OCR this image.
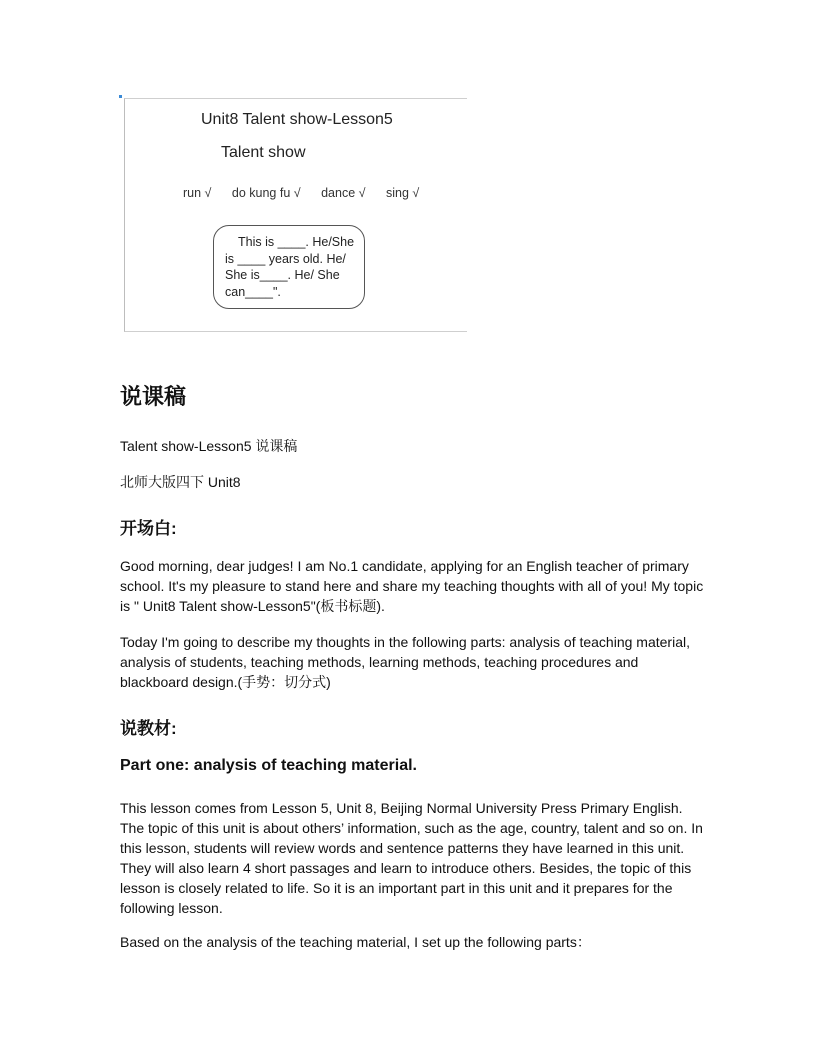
Unit8 Talent show-Lesson5
Talent show
run √ do kung fu √ dance √ sing √
This is ____. He/She
is ____ years old. He/
She is____. He/ She
can____".
说课稿
Talent show-Lesson5 说课稿
北师大版四下 Unit8
开场白:
Good morning, dear judges! I am No.1 candidate, applying for an English teacher of primary school. It's my pleasure to stand here and share my teaching thoughts with all of you! My topic is " Unit8 Talent show-Lesson5"(板书标题).
Today I'm going to describe my thoughts in the following parts: analysis of teaching material, analysis of students, teaching methods, learning methods, teaching procedures and blackboard design.(手势：切分式)
说教材:
Part one: analysis of teaching material.
This lesson comes from Lesson 5, Unit 8, Beijing Normal University Press Primary English. The topic of this unit is about others’ information, such as the age, country, talent and so on. In this lesson, students will review words and sentence patterns they have learned in this unit. They will also learn 4 short passages and learn to introduce others. Besides, the topic of this lesson is closely related to life. So it is an important part in this unit and it prepares for the following lesson.
Based on the analysis of the teaching material, I set up the following parts：
